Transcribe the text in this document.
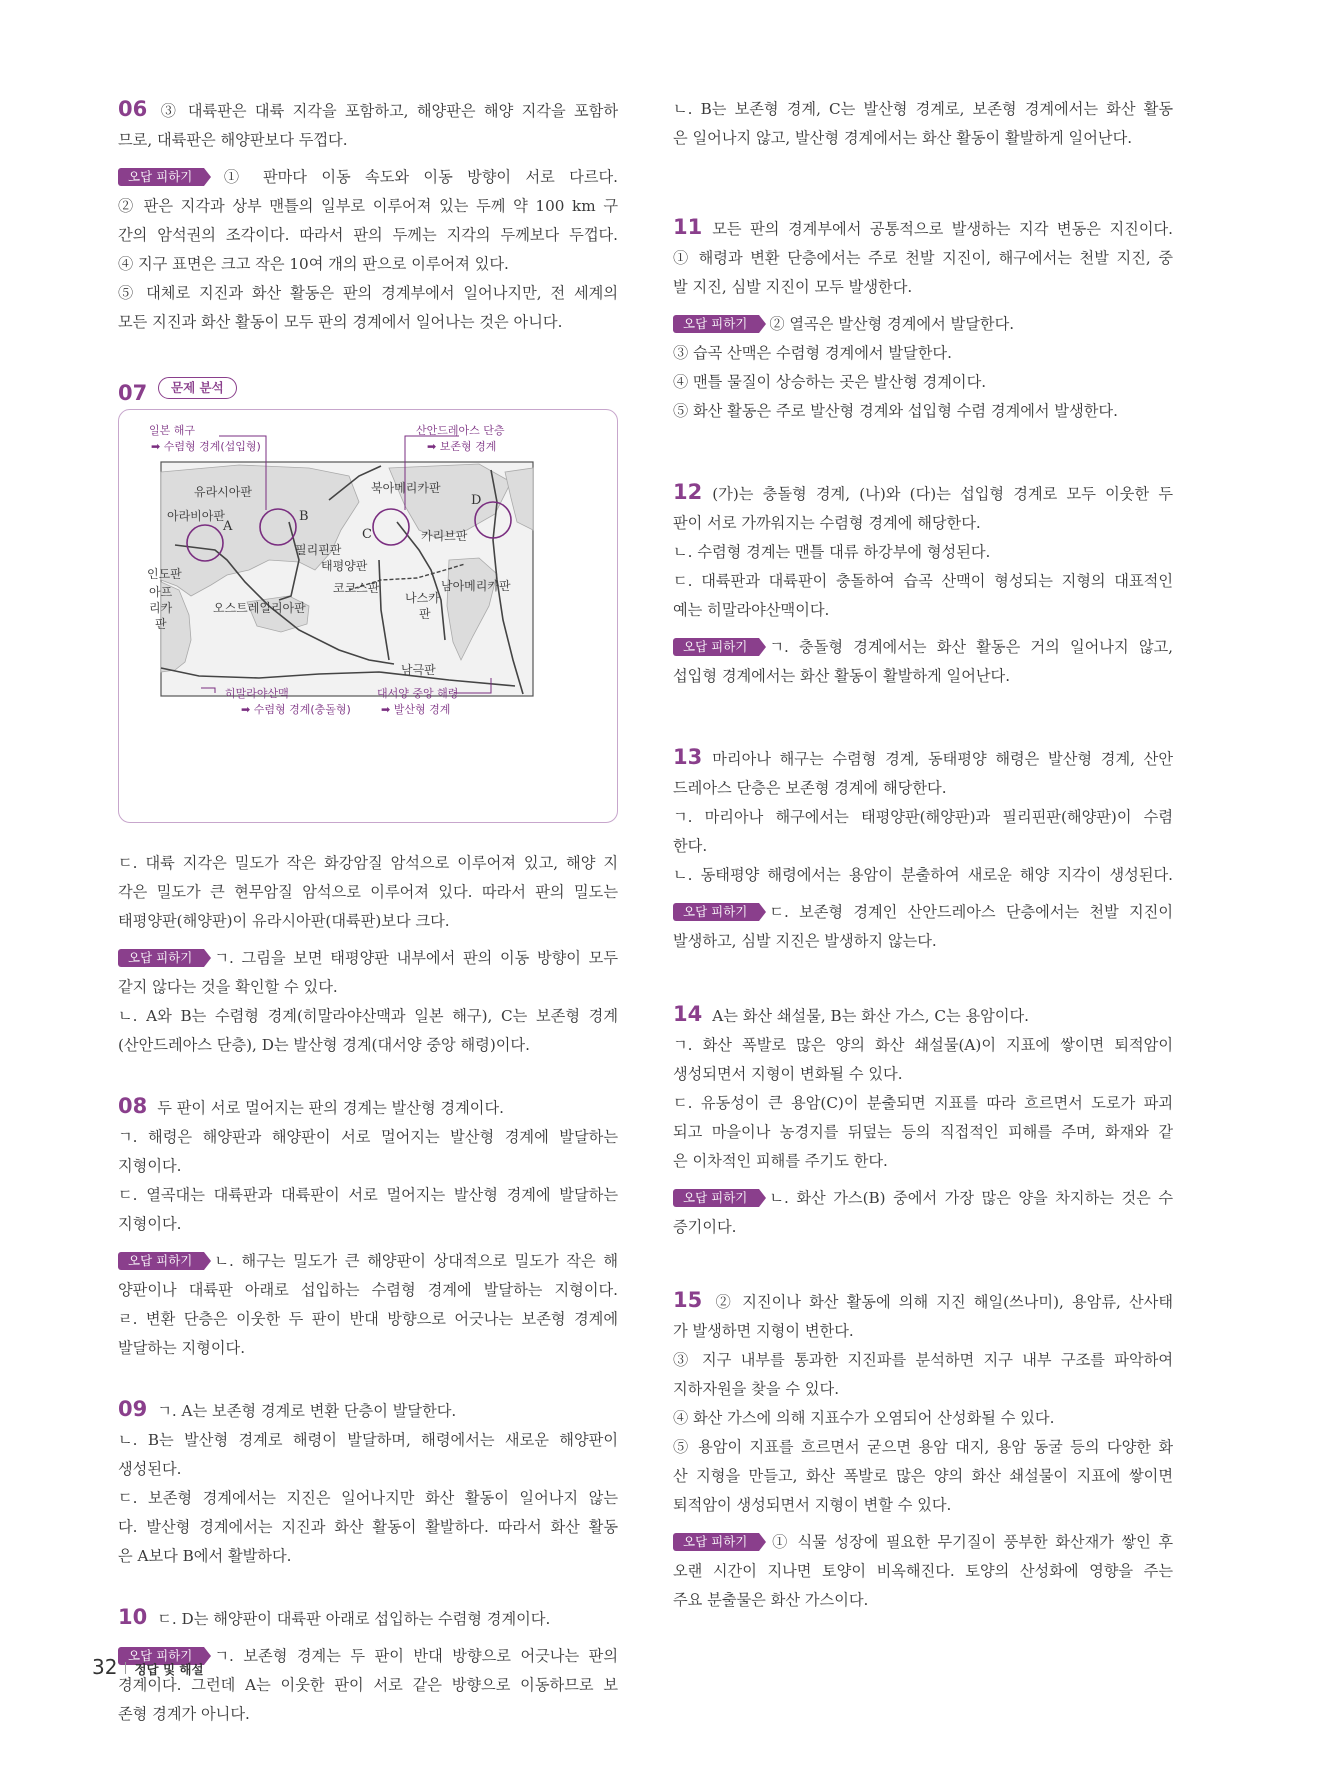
06 ③ 대륙판은 대륙 지각을 포함하고, 해양판은 해양 지각을 포함하
므로, 대륙판은 해양판보다 두껍다.
오답 피하기 ① 판마다 이동 속도와 이동 방향이 서로 다르다.
② 판은 지각과 상부 맨틀의 일부로 이루어져 있는 두께 약 100 km 구
간의 암석권의 조각이다. 따라서 판의 두께는 지각의 두께보다 두껍다.
④ 지구 표면은 크고 작은 10여 개의 판으로 이루어져 있다.
⑤ 대체로 지진과 화산 활동은 판의 경계부에서 일어나지만, 전 세계의
모든 지진과 화산 활동이 모두 판의 경계에서 일어나는 것은 아니다.
07	문제 분석
일본 해구
➡ 수렴형 경계(섭입형)
산안드레아스 단층
➡ 보존형 경계
히말라야산맥
➡ 수렴형 경계(충돌형)
대서양 중앙 해령
➡ 발산형 경계
유라시아판
아라비아판
북아메리카판
카리브판
필리핀판
태평양판
코코스판
인도판
아프
리카
판
오스트레일리아판
나스카
판
남아메리카판
남극판
A
B
C
D
ㄷ. 대륙 지각은 밀도가 작은 화강암질 암석으로 이루어져 있고, 해양 지
각은 밀도가 큰 현무암질 암석으로 이루어져 있다. 따라서 판의 밀도는
태평양판(해양판)이 유라시아판(대륙판)보다 크다.
오답 피하기 ㄱ. 그림을 보면 태평양판 내부에서 판의 이동 방향이 모두
같지 않다는 것을 확인할 수 있다.
ㄴ. A와 B는 수렴형 경계(히말라야산맥과 일본 해구), C는 보존형 경계
(산안드레아스 단층), D는 발산형 경계(대서양 중앙 해령)이다.
08 두 판이 서로 멀어지는 판의 경계는 발산형 경계이다.
ㄱ. 해령은 해양판과 해양판이 서로 멀어지는 발산형 경계에 발달하는
지형이다.
ㄷ. 열곡대는 대륙판과 대륙판이 서로 멀어지는 발산형 경계에 발달하는
지형이다.
오답 피하기 ㄴ. 해구는 밀도가 큰 해양판이 상대적으로 밀도가 작은 해
양판이나 대륙판 아래로 섭입하는 수렴형 경계에 발달하는 지형이다.
ㄹ. 변환 단층은 이웃한 두 판이 반대 방향으로 어긋나는 보존형 경계에
발달하는 지형이다.
09 ㄱ. A는 보존형 경계로 변환 단층이 발달한다.
ㄴ. B는 발산형 경계로 해령이 발달하며, 해령에서는 새로운 해양판이
생성된다.
ㄷ. 보존형 경계에서는 지진은 일어나지만 화산 활동이 일어나지 않는
다. 발산형 경계에서는 지진과 화산 활동이 활발하다. 따라서 화산 활동
은 A보다 B에서 활발하다.
10 ㄷ. D는 해양판이 대륙판 아래로 섭입하는 수렴형 경계이다.
오답 피하기 ㄱ. 보존형 경계는 두 판이 반대 방향으로 어긋나는 판의
경계이다. 그런데 A는 이웃한 판이 서로 같은 방향으로 이동하므로 보
존형 경계가 아니다.
ㄴ. B는 보존형 경계, C는 발산형 경계로, 보존형 경계에서는 화산 활동
은 일어나지 않고, 발산형 경계에서는 화산 활동이 활발하게 일어난다.
11 모든 판의 경계부에서 공통적으로 발생하는 지각 변동은 지진이다.
① 해령과 변환 단층에서는 주로 천발 지진이, 해구에서는 천발 지진, 중
발 지진, 심발 지진이 모두 발생한다.
오답 피하기 ② 열곡은 발산형 경계에서 발달한다.
③ 습곡 산맥은 수렴형 경계에서 발달한다.
④ 맨틀 물질이 상승하는 곳은 발산형 경계이다.
⑤ 화산 활동은 주로 발산형 경계와 섭입형 수렴 경계에서 발생한다.
12 (가)는 충돌형 경계, (나)와 (다)는 섭입형 경계로 모두 이웃한 두
판이 서로 가까워지는 수렴형 경계에 해당한다.
ㄴ. 수렴형 경계는 맨틀 대류 하강부에 형성된다.
ㄷ. 대륙판과 대륙판이 충돌하여 습곡 산맥이 형성되는 지형의 대표적인
예는 히말라야산맥이다.
오답 피하기 ㄱ. 충돌형 경계에서는 화산 활동은 거의 일어나지 않고,
섭입형 경계에서는 화산 활동이 활발하게 일어난다.
13 마리아나 해구는 수렴형 경계, 동태평양 해령은 발산형 경계, 산안
드레아스 단층은 보존형 경계에 해당한다.
ㄱ. 마리아나 해구에서는 태평양판(해양판)과 필리핀판(해양판)이 수렴
한다.
ㄴ. 동태평양 해령에서는 용암이 분출하여 새로운 해양 지각이 생성된다.
오답 피하기 ㄷ. 보존형 경계인 산안드레아스 단층에서는 천발 지진이
발생하고, 심발 지진은 발생하지 않는다.
14 A는 화산 쇄설물, B는 화산 가스, C는 용암이다.
ㄱ. 화산 폭발로 많은 양의 화산 쇄설물(A)이 지표에 쌓이면 퇴적암이
생성되면서 지형이 변화될 수 있다.
ㄷ. 유동성이 큰 용암(C)이 분출되면 지표를 따라 흐르면서 도로가 파괴
되고 마을이나 농경지를 뒤덮는 등의 직접적인 피해를 주며, 화재와 같
은 이차적인 피해를 주기도 한다.
오답 피하기 ㄴ. 화산 가스(B) 중에서 가장 많은 양을 차지하는 것은 수
증기이다.
15 ② 지진이나 화산 활동에 의해 지진 해일(쓰나미), 용암류, 산사태
가 발생하면 지형이 변한다.
③ 지구 내부를 통과한 지진파를 분석하면 지구 내부 구조를 파악하여
지하자원을 찾을 수 있다.
④ 화산 가스에 의해 지표수가 오염되어 산성화될 수 있다.
⑤ 용암이 지표를 흐르면서 굳으면 용암 대지, 용암 동굴 등의 다양한 화
산 지형을 만들고, 화산 폭발로 많은 양의 화산 쇄설물이 지표에 쌓이면
퇴적암이 생성되면서 지형이 변할 수 있다.
오답 피하기 ① 식물 성장에 필요한 무기질이 풍부한 화산재가 쌓인 후
오랜 시간이 지나면 토양이 비옥해진다. 토양의 산성화에 영향을 주는
주요 분출물은 화산 가스이다.
32 정답 및 해설
